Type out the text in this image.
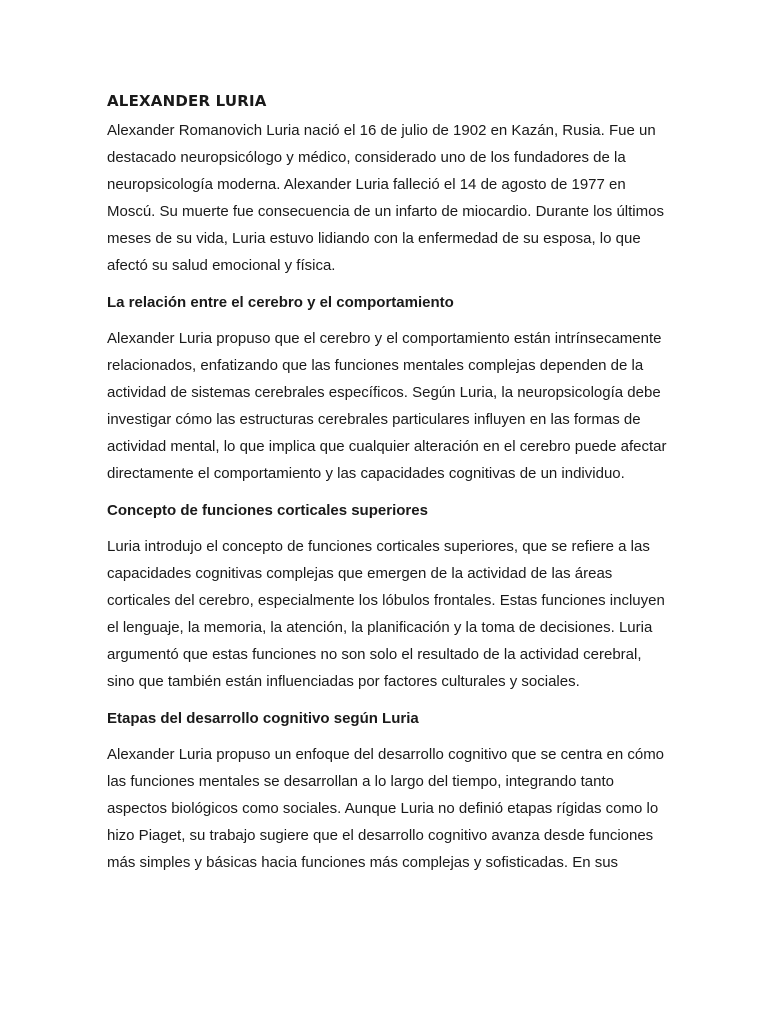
ALEXANDER LURIA

Alexander Romanovich Luria nació el 16 de julio de 1902 en Kazán, Rusia. Fue un destacado neuropsicólogo y médico, considerado uno de los fundadores de la neuropsicología moderna. Alexander Luria falleció el 14 de agosto de 1977 en Moscú. Su muerte fue consecuencia de un infarto de miocardio. Durante los últimos meses de su vida, Luria estuvo lidiando con la enfermedad de su esposa, lo que afectó su salud emocional y física.

La relación entre el cerebro y el comportamiento

Alexander Luria propuso que el cerebro y el comportamiento están intrínsecamente relacionados, enfatizando que las funciones mentales complejas dependen de la actividad de sistemas cerebrales específicos. Según Luria, la neuropsicología debe investigar cómo las estructuras cerebrales particulares influyen en las formas de actividad mental, lo que implica que cualquier alteración en el cerebro puede afectar directamente el comportamiento y las capacidades cognitivas de un individuo.

Concepto de funciones corticales superiores

Luria introdujo el concepto de funciones corticales superiores, que se refiere a las capacidades cognitivas complejas que emergen de la actividad de las áreas corticales del cerebro, especialmente los lóbulos frontales. Estas funciones incluyen el lenguaje, la memoria, la atención, la planificación y la toma de decisiones. Luria argumentó que estas funciones no son solo el resultado de la actividad cerebral, sino que también están influenciadas por factores culturales y sociales.

Etapas del desarrollo cognitivo según Luria

Alexander Luria propuso un enfoque del desarrollo cognitivo que se centra en cómo las funciones mentales se desarrollan a lo largo del tiempo, integrando tanto aspectos biológicos como sociales. Aunque Luria no definió etapas rígidas como lo hizo Piaget, su trabajo sugiere que el desarrollo cognitivo avanza desde funciones más simples y básicas hacia funciones más complejas y sofisticadas. En sus
